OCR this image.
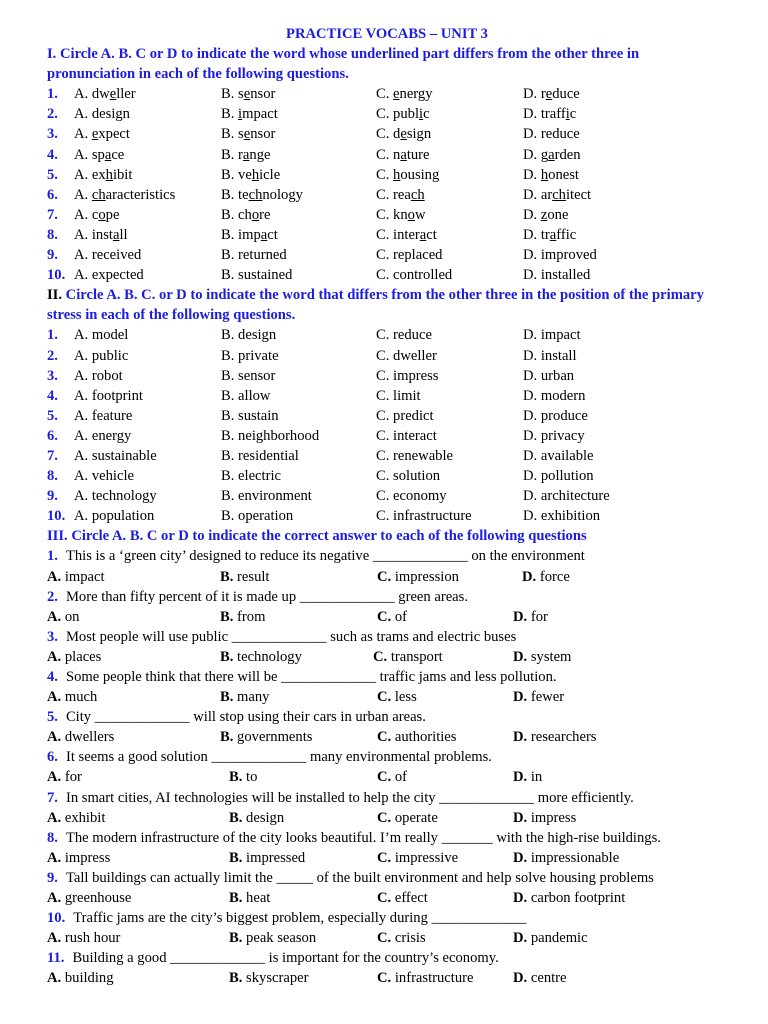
PRACTICE VOCABS – UNIT 3
I. Circle A. B. C or D to indicate the word whose underlined part differs from the other three in pronunciation in each of the following questions.
1.	A. dweller	B. sensor	C. energy	D. reduce
2.	A. design	B. impact	C. public	D. traffic
3.	A. expect	B. sensor	C. design	D. reduce
4.	A. space	B. range	C. nature	D. garden
5.	A. exhibit	B. vehicle	C. housing	D. honest
6.	A. characteristics	B. technology	C. reach	D. architect
7.	A. cope	B. chore	C. know	D. zone
8.	A. install	B. impact	C. interact	D. traffic
9.	A. received	B. returned	C. replaced	D. improved
10. A. expected	B. sustained	C. controlled	D. installed
II. Circle A. B. C. or D to indicate the word that differs from the other three in the position of the primary stress in each of the following questions.
1.	A. model	B. design	C. reduce	D. impact
2.	A. public	B. private	C. dweller	D. install
3.	A. robot	B. sensor	C. impress	D. urban
4.	A. footprint	B. allow	C. limit	D. modern
5.	A. feature	B. sustain	C. predict	D. produce
6.	A. energy	B. neighborhood	C. interact	D. privacy
7.	A. sustainable	B. residential	C. renewable	D. available
8.	A. vehicle	B. electric	C. solution	D. pollution
9.	A. technology	B. environment	C. economy	D. architecture
10. A. population	B. operation	C. infrastructure	D. exhibition
III. Circle A. B. C or D to indicate the correct answer to each of the following questions
1. This is a ‘green city’ designed to reduce its negative _____________ on the environment
A. impact	B. result	C. impression	D. force
2. More than fifty percent of it is made up _____________ green areas.
A. on	B. from	C. of	D. for
3. Most people will use public _____________ such as trams and electric buses
A. places	B. technology	C. transport	D. system
4. Some people think that there will be _____________ traffic jams and less pollution.
A. much	B. many	C. less	D. fewer
5. City _____________ will stop using their cars in urban areas.
A. dwellers	B. governments	C. authorities	D. researchers
6. It seems a good solution _____________ many environmental problems.
A. for	B. to	C. of	D. in
7. In smart cities, AI technologies will be installed to help the city _____________ more efficiently.
A. exhibit	B. design	C. operate	D. impress
8. The modern infrastructure of the city looks beautiful. I’m really _______ with the high-rise buildings.
A. impress	B. impressed	C. impressive	D. impressionable
9. Tall buildings can actually limit the _____ of the built environment and help solve housing problems
A. greenhouse	B. heat	C. effect	D. carbon footprint
10. Traffic jams are the city’s biggest problem, especially during _____________
A. rush hour	B. peak season	C. crisis	D. pandemic
11. Building a good _____________ is important for the country’s economy.
A. building	B. skyscraper	C. infrastructure	D. centre
